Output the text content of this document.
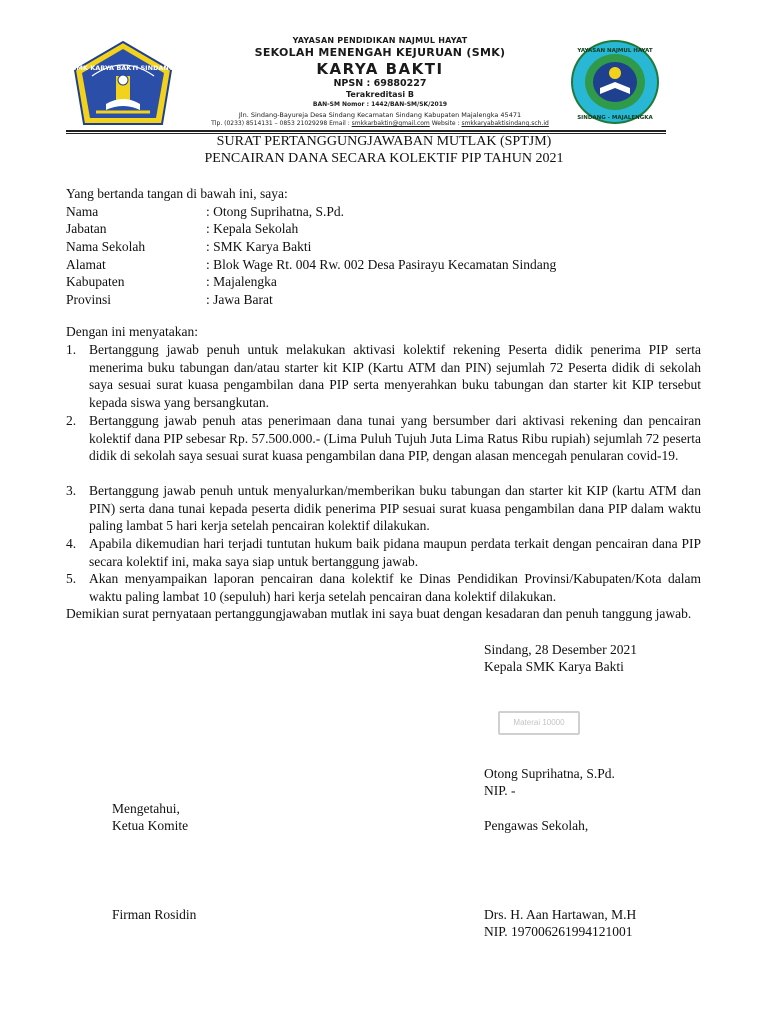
SMK KARYA BAKTI SINDANG
YAYASAN NAJMUL HAYAT
SINDANG - MAJALENGKA
YAYASAN PENDIDIKAN NAJMUL HAYAT
SEKOLAH MENENGAH KEJURUAN (SMK)
KARYA BAKTI
NPSN : 69880227
Terakreditasi B
BAN-SM Nomor : 1442/BAN-SM/SK/2019
Jln. Sindang-Bayureja Desa Sindang Kecamatan Sindang Kabupaten Majalengka 45471
Tlp. (0233) 8514131 – 0853 21029298 Email : smkkarbaktin@gmail.com Website : smkkaryabaktisindang.sch.id
SURAT PERTANGGUNGJAWABAN MUTLAK (SPTJM)
PENCAIRAN DANA SECARA KOLEKTIF PIP TAHUN 2021
Yang bertanda tangan di bawah ini, saya:
Nama	: Otong Suprihatna, S.Pd.
Jabatan	: Kepala Sekolah
Nama Sekolah	: SMK Karya Bakti
Alamat	: Blok Wage Rt. 004 Rw. 002 Desa Pasirayu Kecamatan Sindang
Kabupaten	: Majalengka
Provinsi	: Jawa Barat
Dengan ini menyatakan:
1. Bertanggung jawab penuh untuk melakukan aktivasi kolektif rekening Peserta didik penerima PIP serta menerima buku tabungan dan/atau starter kit KIP (Kartu ATM dan PIN) sejumlah 72 Peserta didik di sekolah saya sesuai surat kuasa pengambilan dana PIP serta menyerahkan buku tabungan dan starter kit KIP tersebut kepada siswa yang bersangkutan.
2. Bertanggung jawab penuh atas penerimaan dana tunai yang bersumber dari aktivasi rekening dan pencairan kolektif dana PIP sebesar Rp. 57.500.000.- (Lima Puluh Tujuh Juta Lima Ratus Ribu rupiah) sejumlah 72 peserta didik di sekolah saya sesuai surat kuasa pengambilan dana PIP, dengan alasan mencegah penularan covid-19.
3. Bertanggung jawab penuh untuk menyalurkan/memberikan buku tabungan dan starter kit KIP (kartu ATM dan PIN) serta dana tunai kepada peserta didik penerima PIP sesuai surat kuasa pengambilan dana PIP dalam waktu paling lambat 5 hari kerja setelah pencairan kolektif dilakukan.
4. Apabila dikemudian hari terjadi tuntutan hukum baik pidana maupun perdata terkait dengan pencairan dana PIP secara kolektif ini, maka saya siap untuk bertanggung jawab.
5. Akan menyampaikan laporan pencairan dana kolektif ke Dinas Pendidikan Provinsi/Kabupaten/Kota dalam waktu paling lambat 10 (sepuluh) hari kerja setelah pencairan dana kolektif dilakukan.
Demikian surat pernyataan pertanggungjawaban mutlak ini saya buat dengan kesadaran dan penuh tanggung jawab.
Sindang, 28 Desember 2021
Kepala SMK Karya Bakti
Materai 10000
Otong Suprihatna, S.Pd.
NIP. -
Mengetahui,
Ketua Komite
Firman Rosidin
Pengawas Sekolah,
Drs. H. Aan Hartawan, M.H
NIP. 197006261994121001
